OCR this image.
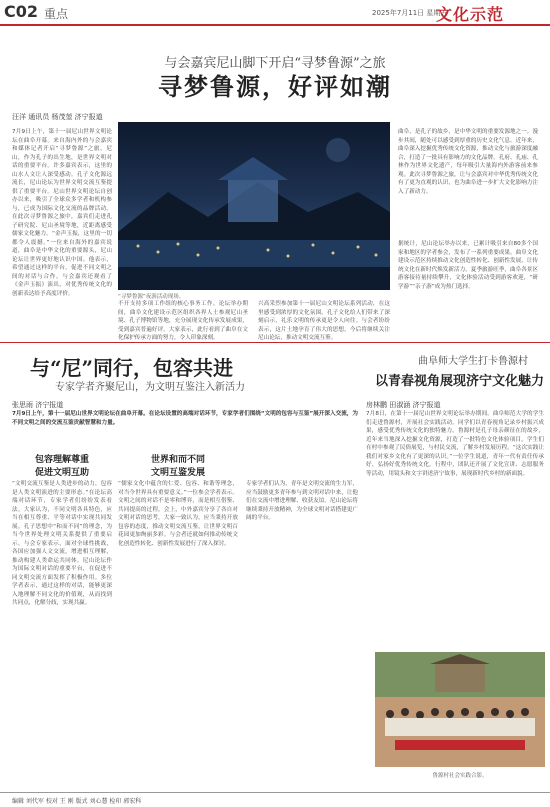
C02 重点	2025年7月11日 星期五
文化示范
与会嘉宾尼山脚下开启“寻梦鲁源”之旅
寻梦鲁源，好评如潮
汪洋 通讯员 杨茂堃 济宁报道
7月9日上午，第十一届尼山世界文明论坛在曲阜开幕。来自海内外的与会嘉宾和媒体记者开启“寻梦鲁源”之旅。尼山，作为孔子的出生地，是世界文明对话的重要平台。许多嘉宾表示，这里的山水人文让人深受感动。孔子文化源远流长，尼山论坛为世界文明交流互鉴提供了重要平台。尼山世界文明论坛自创办以来，吸引了全球众多学者和机构参与，已成为国际文化交流的品牌活动。在此次寻梦鲁源之旅中，嘉宾们走进孔子研究院、尼山圣境等地，近距离感受儒家文化魅力。“金声玉振，这里的一切都令人震撼。”一位来自海外的嘉宾说道，曲阜是中华文化的重要源头，尼山论坛让世界更好地认识中国。他表示，希望通过这样的平台，促进不同文明之间的对话与合作。与会嘉宾还观看了《金声玉振》演出，对优秀传统文化的创新表达给予高度评价。
“寻梦鲁源”夜游活动现场。
不开支持多项工作组的核心事务工作。论坛举办期间，曲阜文化建设示范区组织各界人士参观尼山圣境、孔子博物馆等地，充分展现文化传承发展成果，受到嘉宾普遍好评。大家表示，此行看到了曲阜在文化保护传承方面的努力，令人印象深刻。
兴高采烈参加第十一届尼山文明论坛系列活动，在这里感受到浓厚的文化氛围。孔子文化给人们带来了深刻启示，礼乐文明的传承更是令人向往。与会者纷纷表示，这片土地孕育了伟大的思想，今后将继续关注尼山论坛，推动文明交流互鉴。
曲阜，是孔子的故乡，是中华文明的重要发源地之一。漫步其间，随处可以感受到厚重的历史文化气息。近年来，曲阜深入挖掘优秀传统文化资源，推动文化与旅游深度融合，打造了一批具有影响力的文化品牌。孔府、孔庙、孔林作为世界文化遗产，每年吸引大量海内外游客前来参观。此次寻梦鲁源之旅，让与会嘉宾对中华优秀传统文化有了更为直观的认识，也为曲阜进一步扩大文化影响力注入了新动力。
据统计，尼山论坛举办以来，已累计吸引来自80多个国家和地区的学者参会，发布了一系列重要成果。曲阜文化建设示范区持续推动文化创造性转化、创新性发展，让传统文化在新时代焕发新活力。夏季旅游旺季，曲阜各景区游客接待量持续攀升，文化体验活动受到游客欢迎，“研学游”“亲子游”成为热门选择。
与“尼”同行，包容共进
专家学者齐聚尼山，为文明互鉴注入新活力
张思雨 济宁报道
7月9日上午，第十一届尼山世界文明论坛在曲阜开幕。在论坛设置的高端对话环节，专家学者们围绕“文明的包容与互鉴”展开深入交流，为不同文明之间的交流互鉴贡献智慧和力量。
包容理解尊重
促进文明互助
“文明交流互鉴是人类进步的动力，包容是人类文明演进的主要形态。”在论坛高端对话环节，专家学者们纷纷发表看法。大家认为，不同文明各具特色，应当在相互尊重、平等对话中实现共同发展。孔子思想中“和而不同”的理念，为当今世界处理文明关系提供了重要启示。与会专家表示，面对全球性挑战，各国应加强人文交流，增进相互理解，推动构建人类命运共同体。尼山论坛作为国际文明对话的重要平台，在促进不同文明交流方面发挥了积极作用。多位学者表示，通过这样的对话，能够更深入地理解不同文化的价值观，从而找到共同点，化解分歧，实现共赢。
世界和而不同
文明互鉴发展
“儒家文化中蕴含的仁爱、包容、和谐等理念，对当今世界具有重要意义。”一位参会学者表示。文明之间的对话不是零和博弈，而是相互借鉴、共同提高的过程。会上，中外嘉宾分享了各自对文明对话的思考，大家一致认为，应当秉持开放包容的态度，推动文明交流互鉴，让世界文明百花园更加绚丽多彩。与会者还就如何推动传统文化创造性转化、创新性发展进行了深入探讨。
专家学者们认为，青年是文明交流的生力军，应当鼓励更多青年参与到文明对话中来，让他们在交流中增进理解、收获友谊。尼山论坛将继续秉持开放精神，为全球文明对话搭建更广阔的平台。
曲阜师大学生打卡鲁源村
以青春视角展现济宁文化魅力
房林鹏 田淑涵 济宁报道
7月8日，在第十一届尼山世界文明论坛举办期间，曲阜师范大学的学生们走进鲁源村，开展社会实践活动。同学们以青春视角记录乡村振兴成果，感受优秀传统文化的独特魅力。鲁源村是孔子母亲颜征在的故乡，近年来当地深入挖掘文化资源，打造了一批特色文化体验项目。学生们在村中参观了民俗展览，与村民交流，了解乡村发展历程。“这次实践让我们对家乡文化有了更深的认识。”一位学生说道，青年一代有责任传承好、弘扬好优秀传统文化。行程中，团队还开展了文化宣讲、志愿服务等活动，用镜头和文字讲述济宁故事，展现新时代乡村的新面貌。
鲁源村社会实践合影。
编辑 刘代军 校对 王 刚 版式 刘心慧 检印 郭宏科
